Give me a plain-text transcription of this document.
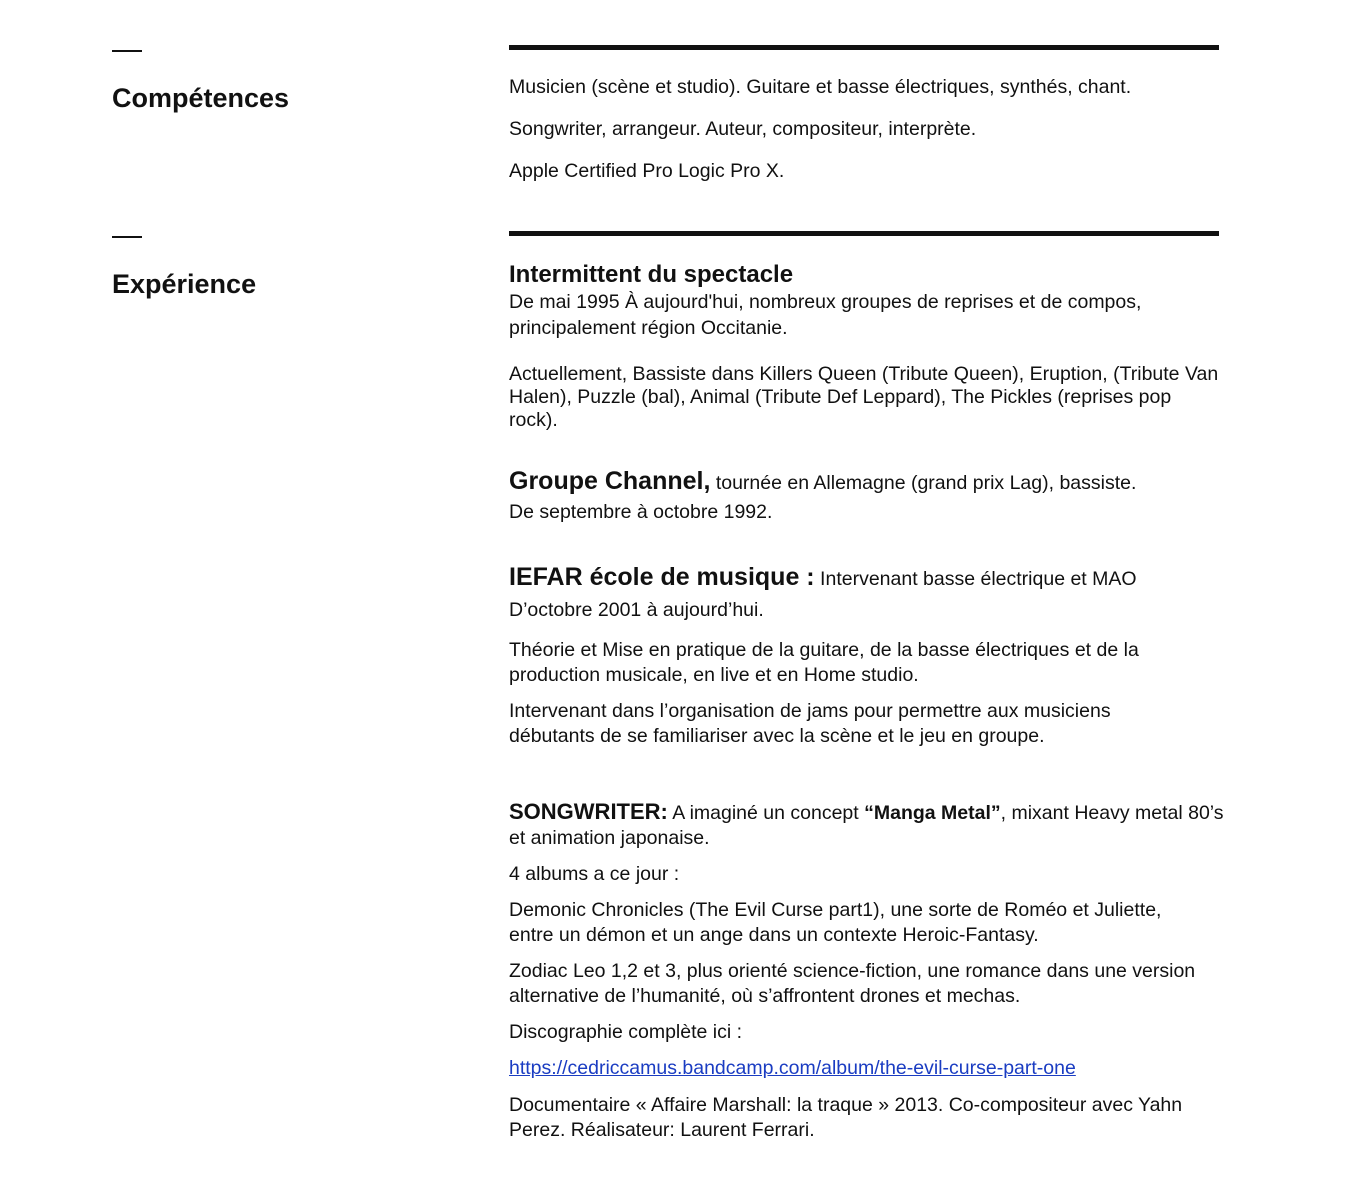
Compétences	Musicien (scène et studio). Guitare et basse électriques, synthés, chant.

Songwriter, arrangeur. Auteur, compositeur, interprète.

Apple Certified Pro Logic Pro X.

Expérience	Intermittent du spectacle

De mai 1995 À aujourd'hui, nombreux groupes de reprises et de compos, principalement région Occitanie.

Actuellement, Bassiste dans Killers Queen (Tribute Queen), Eruption, (Tribute Van Halen), Puzzle (bal), Animal (Tribute Def Leppard), The Pickles (reprises pop rock).

Groupe Channel, tournée en Allemagne (grand prix Lag), bassiste.

De septembre à octobre 1992.

IEFAR école de musique : Intervenant basse électrique et MAO

D’octobre 2001 à aujourd’hui.

Théorie et Mise en pratique de la guitare, de la basse électriques et de la production musicale, en live et en Home studio.

Intervenant dans l’organisation de jams pour permettre aux musiciens débutants de se familiariser avec la scène et le jeu en groupe.

SONGWRITER: A imaginé un concept “Manga Metal”, mixant Heavy metal 80’s et animation japonaise.

4 albums a ce jour :

Demonic Chronicles (The Evil Curse part1), une sorte de Roméo et Juliette, entre un démon et un ange dans un contexte Heroic-Fantasy.

Zodiac Leo 1,2 et 3, plus orienté science-fiction, une romance dans une version alternative de l’humanité, où s’affrontent drones et mechas.

Discographie complète ici :

https://cedriccamus.bandcamp.com/album/the-evil-curse-part-one

Documentaire « Affaire Marshall: la traque » 2013. Co-compositeur avec Yahn Perez. Réalisateur: Laurent Ferrari.
